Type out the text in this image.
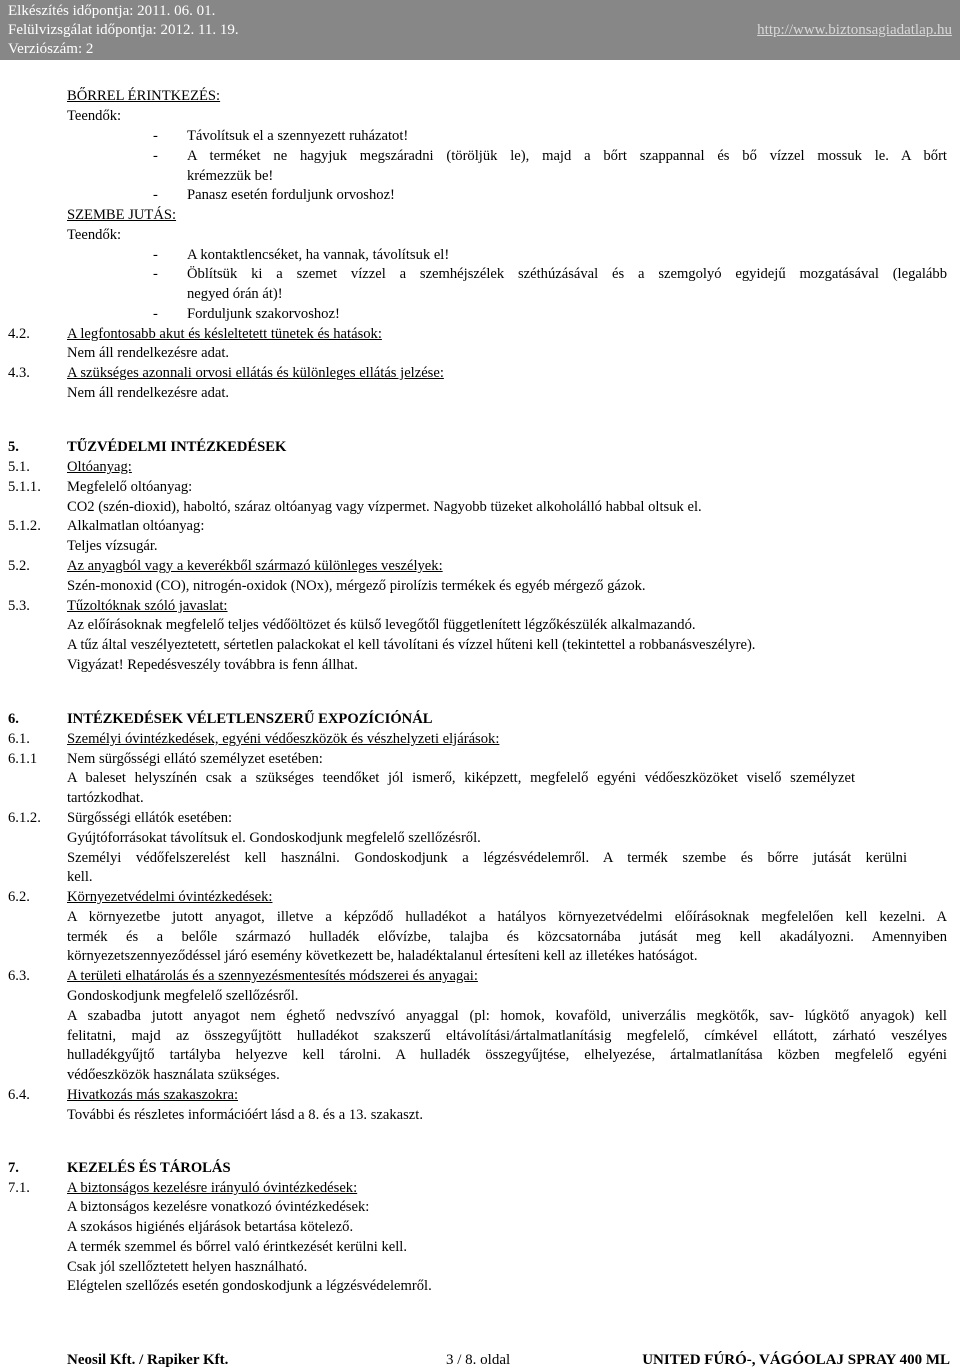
Elkészítés időpontja: 2011. 06. 01.
Felülvizsgálat időpontja: 2012. 11. 19.
Verziószám: 2
http://www.biztonsagiadatlap.hu
BŐRREL ÉRINTKEZÉS:
Teendők:
- Távolítsuk el a szennyezett ruházatot!
- A terméket ne hagyjuk megszáradni (töröljük le), majd a bőrt szappannal és bő vízzel mossuk le. A bőrt
krémezzük be!
- Panasz esetén forduljunk orvoshoz!
SZEMBE JUTÁS:
Teendők:
- A kontaktlencséket, ha vannak, távolítsuk el!
- Öblítsük ki a szemet vízzel a szemhéjszélek széthúzásával és a szemgolyó egyidejű mozgatásával (legalább
negyed órán át)!
- Forduljunk szakorvoshoz!
4.2.	A legfontosabb akut és késleltetett tünetek és hatások:
Nem áll rendelkezésre adat.
4.3.	A szükséges azonnali orvosi ellátás és különleges ellátás jelzése:
Nem áll rendelkezésre adat.
5.	TŰZVÉDELMI INTÉZKEDÉSEK
5.1.	Oltóanyag:
5.1.1. Megfelelő oltóanyag:
CO2 (szén-dioxid), haboltó, száraz oltóanyag vagy vízpermet. Nagyobb tüzeket alkoholálló habbal oltsuk el.
5.1.2. Alkalmatlan oltóanyag:
Teljes vízsugár.
5.2.	Az anyagból vagy a keverékből származó különleges veszélyek:
Szén-monoxid (CO), nitrogén-oxidok (NOx), mérgező pirolízis termékek és egyéb mérgező gázok.
5.3.	Tűzoltóknak szóló javaslat:
Az előírásoknak megfelelő teljes védőöltözet és külső levegőtől függetlenített légzőkészülék alkalmazandó.
A tűz által veszélyeztetett, sértetlen palackokat el kell távolítani és vízzel hűteni kell (tekintettel a robbanásveszélyre).
Vigyázat! Repedésveszély továbbra is fenn állhat.
6.	INTÉZKEDÉSEK VÉLETLENSZERŰ EXPOZÍCIÓNÁL
6.1.	Személyi óvintézkedések, egyéni védőeszközök és vészhelyzeti eljárások:
6.1.1 Nem sürgősségi ellátó személyzet esetében:
A baleset helyszínén csak a szükséges teendőket jól ismerő, kiképzett, megfelelő egyéni védőeszközöket viselő személyzet
tartózkodhat.
6.1.2. Sürgősségi ellátók esetében:
Gyújtóforrásokat távolítsuk el. Gondoskodjunk megfelelő szellőzésről.
Személyi védőfelszerelést kell használni. Gondoskodjunk a légzésvédelemről. A termék szembe és bőrre jutását kerülni
kell.
6.2.	Környezetvédelmi óvintézkedések:
A környezetbe jutott anyagot, illetve a képződő hulladékot a hatályos környezetvédelmi előírásoknak megfelelően kell kezelni. A
termék és a belőle származó hulladék elővízbe, talajba és közcsatornába jutását meg kell akadályozni. Amennyiben
környezetszennyeződéssel járó esemény következett be, haladéktalanul értesíteni kell az illetékes hatóságot.
6.3.	A területi elhatárolás és a szennyezésmentesítés módszerei és anyagai:
Gondoskodjunk megfelelő szellőzésről.
A szabadba jutott anyagot nem éghető nedvszívó anyaggal (pl: homok, kovaföld, univerzális megkötők, sav- lúgkötő anyagok) kell
felitatni, majd az összegyűjtött hulladékot szakszerű eltávolítási/ártalmatlanításig megfelelő, címkével ellátott, zárható veszélyes
hulladékgyűjtő tartályba helyezve kell tárolni. A hulladék összegyűjtése, elhelyezése, ártalmatlanítása közben megfelelő egyéni
védőeszközök használata szükséges.
6.4.	Hivatkozás más szakaszokra:
További és részletes információért lásd a 8. és a 13. szakaszt.
7.	KEZELÉS ÉS TÁROLÁS
7.1.	A biztonságos kezelésre irányuló óvintézkedések:
A biztonságos kezelésre vonatkozó óvintézkedések:
A szokásos higiénés eljárások betartása kötelező.
A termék szemmel és bőrrel való érintkezését kerülni kell.
Csak jól szellőztetett helyen használható.
Elégtelen szellőzés esetén gondoskodjunk a légzésvédelemről.
Neosil Kft. / Rapiker Kft.	3 / 8. oldal	UNITED FÚRÓ-, VÁGÓOLAJ SPRAY 400 ML
